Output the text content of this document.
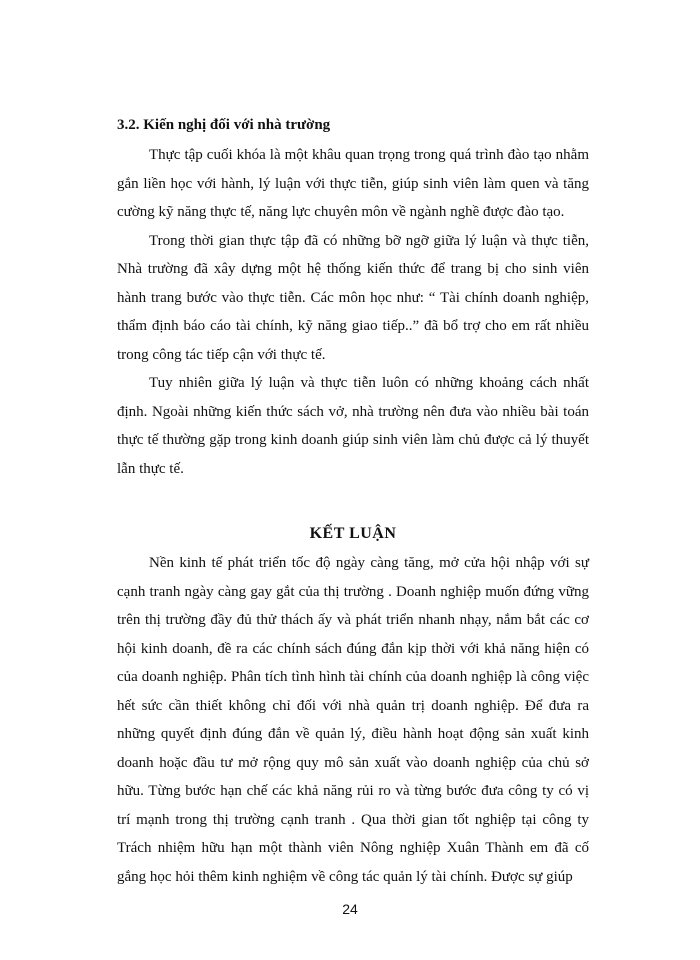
3.2. Kiến nghị đối với nhà trường

Thực tập cuối khóa là một khâu quan trọng trong quá trình đào tạo nhằm gắn liền học với hành, lý luận với thực tiễn, giúp sinh viên làm quen và tăng cường kỹ năng thực tế, năng lực chuyên môn về ngành nghề được đào tạo.

Trong thời gian thực tập đã có những bỡ ngỡ giữa lý luận và thực tiễn, Nhà trường đã xây dựng một hệ thống kiến thức để trang bị cho sinh viên hành trang bước vào thực tiễn. Các môn học như: “ Tài chính doanh nghiệp, thẩm định báo cáo tài chính, kỹ năng giao tiếp..” đã bổ trợ cho em rất nhiều trong công tác tiếp cận với thực tế.

Tuy nhiên giữa lý luận và thực tiễn luôn có những khoảng cách nhất định. Ngoài những kiến thức sách vở, nhà trường nên đưa vào nhiều bài toán thực tế thường gặp trong kinh doanh giúp sinh viên làm chủ được cả lý thuyết lẫn thực tế.

KẾT LUẬN

Nền kinh tế phát triển tốc độ ngày càng tăng, mở cửa hội nhập với sự cạnh tranh ngày càng gay gắt của thị trường . Doanh nghiệp muốn đứng vững trên thị trường đầy đủ thử thách ấy và phát triển nhanh nhạy, nắm bắt các cơ hội kinh doanh, đề ra các chính sách đúng đắn kịp thời với khả năng hiện có của doanh nghiệp. Phân tích tình hình tài chính của doanh nghiệp là công việc hết sức cần thiết không chỉ đối với nhà quản trị doanh nghiệp. Để đưa ra những quyết định đúng đắn về quản lý, điều hành hoạt động sản xuất kinh doanh hoặc đầu tư mở rộng quy mô sản xuất vào doanh nghiệp của chủ sở hữu. Từng bước hạn chế các khả năng rủi ro và từng bước đưa công ty có vị trí mạnh trong thị trường cạnh tranh . Qua thời gian tốt nghiệp tại công ty Trách nhiệm hữu hạn một thành viên Nông nghiệp Xuân Thành em đã cố gắng học hỏi thêm kinh nghiệm về công tác quản lý tài chính. Được sự giúp

24
